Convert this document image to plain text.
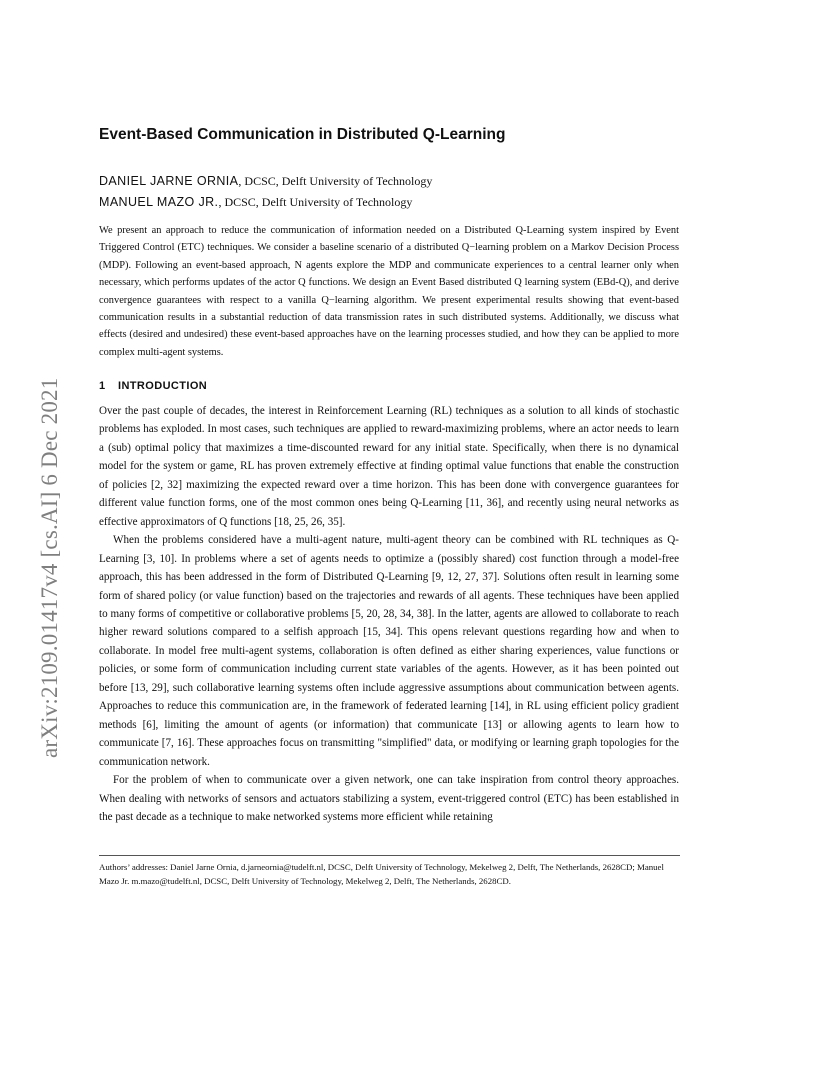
arXiv:2109.01417v4 [cs.AI] 6 Dec 2021
Event-Based Communication in Distributed Q-Learning
DANIEL JARNE ORNIA, DCSC, Delft University of Technology
MANUEL MAZO JR., DCSC, Delft University of Technology

We present an approach to reduce the communication of information needed on a Distributed Q-Learning system inspired by Event Triggered Control (ETC) techniques. We consider a baseline scenario of a distributed Q−learning problem on a Markov Decision Process (MDP). Following an event-based approach, N agents explore the MDP and communicate experiences to a central learner only when necessary, which performs updates of the actor Q functions. We design an Event Based distributed Q learning system (EBd-Q), and derive convergence guarantees with respect to a vanilla Q−learning algorithm. We present experimental results showing that event-based communication results in a substantial reduction of data transmission rates in such distributed systems. Additionally, we discuss what effects (desired and undesired) these event-based approaches have on the learning processes studied, and how they can be applied to more complex multi-agent systems.

1 INTRODUCTION

Over the past couple of decades, the interest in Reinforcement Learning (RL) techniques as a solution to all kinds of stochastic problems has exploded. In most cases, such techniques are applied to reward-maximizing problems, where an actor needs to learn a (sub) optimal policy that maximizes a time-discounted reward for any initial state. Specifically, when there is no dynamical model for the system or game, RL has proven extremely effective at finding optimal value functions that enable the construction of policies [2, 32] maximizing the expected reward over a time horizon. This has been done with convergence guarantees for different value function forms, one of the most common ones being Q-Learning [11, 36], and recently using neural networks as effective approximators of Q functions [18, 25, 26, 35].

When the problems considered have a multi-agent nature, multi-agent theory can be combined with RL techniques as Q-Learning [3, 10]. In problems where a set of agents needs to optimize a (possibly shared) cost function through a model-free approach, this has been addressed in the form of Distributed Q-Learning [9, 12, 27, 37]. Solutions often result in learning some form of shared policy (or value function) based on the trajectories and rewards of all agents. These techniques have been applied to many forms of competitive or collaborative problems [5, 20, 28, 34, 38]. In the latter, agents are allowed to collaborate to reach higher reward solutions compared to a selfish approach [15, 34]. This opens relevant questions regarding how and when to collaborate. In model free multi-agent systems, collaboration is often defined as either sharing experiences, value functions or policies, or some form of communication including current state variables of the agents. However, as it has been pointed out before [13, 29], such collaborative learning systems often include aggressive assumptions about communication between agents. Approaches to reduce this communication are, in the framework of federated learning [14], in RL using efficient policy gradient methods [6], limiting the amount of agents (or information) that communicate [13] or allowing agents to learn how to communicate [7, 16]. These approaches focus on transmitting "simplified" data, or modifying or learning graph topologies for the communication network.

For the problem of when to communicate over a given network, one can take inspiration from control theory approaches. When dealing with networks of sensors and actuators stabilizing a system, event-triggered control (ETC) has been established in the past decade as a technique to make networked systems more efficient while retaining

Authors’ addresses: Daniel Jarne Ornia, d.jarneornia@tudelft.nl, DCSC, Delft University of Technology, Mekelweg 2, Delft, The Netherlands, 2628CD; Manuel Mazo Jr. m.mazo@tudelft.nl, DCSC, Delft University of Technology, Mekelweg 2, Delft, The Netherlands, 2628CD.
